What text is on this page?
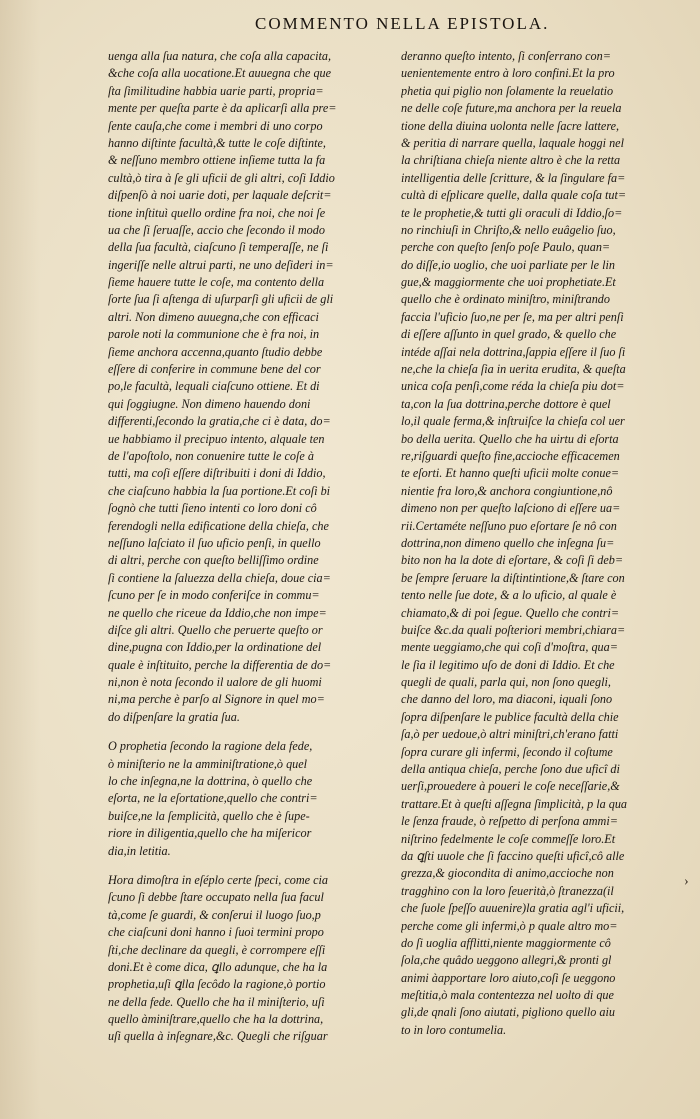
COMMENTO NELLA EPISTOLA.
uenga alla ſua natura, che coſa alla capacita,
&che coſa alla uocatione.Et auuegna che que
ſta ſimilitudine habbia uarie parti, propria=
mente per queſta parte è da aplicarſi alla pre=
ſente cauſa,che come i membri di uno corpo
hanno diſtinte facultà,& tutte le coſe diſtinte,
& neſſuno membro ottiene inſieme tutta la fa
cultà,ò tira à ſe gli uficii de gli altri, coſi Iddio
diſpenſò à noi uarie doti, per laquale deſcrit=
tione inſtituì quello ordine fra noi, che noi ſe
ua che ſi ſeruaſſe, accio che ſecondo il modo
della ſua facultà, ciaſcuno ſi temperaſſe, ne ſi
ingeriſſe nelle altrui parti, ne uno deſideri in=
ſieme hauere tutte le coſe, ma contento della
ſorte ſua ſi aſtenga di uſurparſi gli uficii de gli
altri. Non dimeno auuegna,che con efficaci
parole noti la communione che è fra noi, in
ſieme anchora accenna,quanto ſtudio debbe
eſſere di conferire in commune bene del cor
po,le facultà, lequali ciaſcuno ottiene. Et di
qui ſoggiugne. Non dimeno hauendo doni
differenti,ſecondo la gratia,che ci è data, do=
ue habbiamo il precipuo intento, alquale ten
de l'apoſtolo, non conuenire tutte le coſe à
tutti, ma coſi eſſere diſtribuiti i doni di Iddio,
che ciaſcuno habbia la ſua portione.Et coſi bi
ſognò che tutti ſieno intenti co loro doni cô
ferendogli nella edificatione della chieſa, che
neſſuno laſciato il ſuo uficio penſi, in quello
di altri, perche con queſto belliſſimo ordine
ſi contiene la ſaluezza della chieſa, doue cia=
ſcuno per ſe in modo conferiſce in commu=
ne quello che riceue da Iddio,che non impe=
diſce gli altri. Quello che peruerte queſto or
dine,pugna con Iddio,per la ordinatione del
quale è inſtituito, perche la differentia de do=
ni,non è nota ſecondo il ualore de gli huomi
ni,ma perche è parſo al Signore in quel mo=
do diſpenſare la gratia ſua.
O prophetia ſecondo la ragione dela fede,
ò miniſterio ne la amminiſtratione,ò quel
lo che inſegna,ne la dottrina, ò quello che
eſorta, ne la eſortatione,quello che contri=
buiſce,ne la ſemplicità, quello che è ſupe-
riore in diligentia,quello che ha miſericor
dia,in letitia.
Hora dimoſtra in eſéplo certe ſpeci, come cia
ſcuno ſi debbe ſtare occupato nella ſua facul
tà,come ſe guardi, & conſerui il luogo ſuo,p
che ciaſcuni doni hanno i ſuoi termini propo
ſti,che declinare da quegli, è corrompere eſſi
doni.Et è come dica, ꝗllo adunque, che ha la
prophetia,uſi ꝗlla ſecôdo la ragione,ò portio
ne della fede. Quello che ha il miniſterio, uſi
quello àminiſtrare,quello che ha la dottrina,
uſi quella à inſegnare,&c. Quegli che riſguar
deranno queſto intento, ſi conſerrano con=
uenientemente entro à loro confini.Et la pro
phetia qui piglio non ſolamente la reuelatio
ne delle coſe future,ma anchora per la reuela
tione della diuina uolonta nelle ſacre lattere,
& peritia di narrare quella, laquale hoggi nel
la chriſtiana chieſa niente altro è che la retta
intelligentia delle ſcritture, & la ſingulare fa=
cultà di eſplicare quelle, dalla quale coſa tut=
te le prophetie,& tutti gli oraculi di Iddio,ſo=
no rinchiuſi in Chriſto,& nello euâgelio ſuo,
perche con queſto ſenſo poſe Paulo, quan=
do diſſe,io uoglio, che uoi parliate per le lin
gue,& maggiormente che uoi prophetiate.Et
quello che è ordinato miniſtro, miniſtrando
faccia l'uficio ſuo,ne per ſe, ma per altri penſi
di eſſere aſſunto in quel grado, & quello che
intéde aſſai nela dottrina,ſappia eſſere il ſuo ſi
ne,che la chieſa ſia in uerita erudita, & queſta
unica coſa penſi,come réda la chieſa piu dot=
ta,con la ſua dottrina,perche dottore è quel
lo,il quale ferma,& inſtruiſce la chieſa col uer
bo della uerita. Quello che ha uirtu di eſorta
re,riſguardi queſto fine,accioche efficacemen
te eſorti. Et hanno queſti uficii molte conue=
nientie fra loro,& anchora congiuntione,nô
dimeno non per queſto laſciono di eſſere ua=
rii.Certaméte neſſuno puo eſortare ſe nô con
dottrina,non dimeno quello che inſegna ſu=
bito non ha la dote di eſortare, & coſi ſi deb=
be ſempre ſeruare la diſtintintione,& ſtare con
tento nelle ſue dote, & a lo uficio, al quale è
chiamato,& di poi ſegue. Quello che contri=
buiſce &c.da quali poſteriori membri,chiara=
mente ueggiamo,che qui coſi d'moſtra, qua=
le ſia il legitimo uſo de doni di Iddio. Et che
quegli de quali, parla qui, non ſono quegli,
che danno del loro, ma diaconi, iquali ſono
ſopra diſpenſare le publice facultà della chie
ſa,ò per uedoue,ò altri miniſtri,ch'erano fatti
ſopra curare gli infermi, ſecondo il coſtume
della antiqua chieſa, perche ſono due uficî di
uerſi,prouedere à poueri le coſe neceſſarie,&
trattare.Et à queſti aſſegna ſimplicità, p la qua
le ſenza fraude, ò reſpetto di perſona ammi=
niſtrino fedelmente le coſe commeſſe loro.Et
da ꝗſti uuole che ſi faccino queſti uficî,cô alle
grezza,& giocondita di animo,accioche non
tragghino con la loro ſeuerità,ò ſtranezza(il
che ſuole ſpeſſo auuenire)la gratia agl'i uficii,
perche come gli infermi,ò p quale altro mo=
do ſi uoglia afflitti,niente maggiormente cô
ſola,che quâdo ueggono allegri,& pronti gl
animi àapportare loro aiuto,coſi ſe ueggono
meſtitia,ò mala contentezza nel uolto di que
gli,de qnali ſono aiutati, pigliono quello aiu
to in loro contumelia.
›
